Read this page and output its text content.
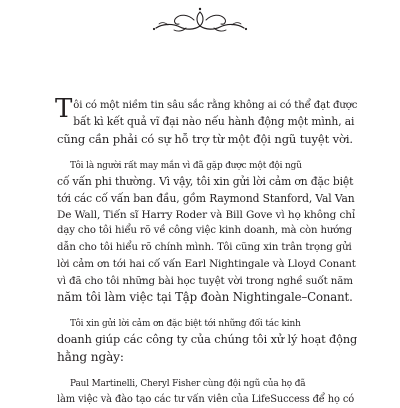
T ôi có một niềm tin sâu sắc rằng không ai có thể đạt được
bất kì kết quả vĩ đại nào nếu hành động một mình, ai
cũng cần phải có sự hỗ trợ từ một đội ngũ tuyệt vời.

Tôi là người rất may mắn vì đã gặp được một đội ngũ
cố vấn phi thường. Vì vậy, tôi xin gửi lời cảm ơn đặc biệt
tới các cố vấn ban đầu, gồm Raymond Stanford, Val Van
De Wall, Tiến sĩ Harry Roder và Bill Gove vì họ không chỉ
dạy cho tôi hiểu rõ về công việc kinh doanh, mà còn hướng
dẫn cho tôi hiểu rõ chính mình. Tôi cũng xin trân trọng gửi
lời cảm ơn tới hai cố vấn Earl Nightingale và Lloyd Conant
vì đã cho tôi những bài học tuyệt vời trong nghề suốt năm
năm tôi làm việc tại Tập đoàn Nightingale–Conant.

Tôi xin gửi lời cảm ơn đặc biệt tới những đối tác kinh
doanh giúp các công ty của chúng tôi xử lý hoạt động
hằng ngày:

Paul Martinelli, Cheryl Fisher cùng đội ngũ của họ đã
làm việc và đào tạo các tư vấn viên của LifeSuccess để họ có
